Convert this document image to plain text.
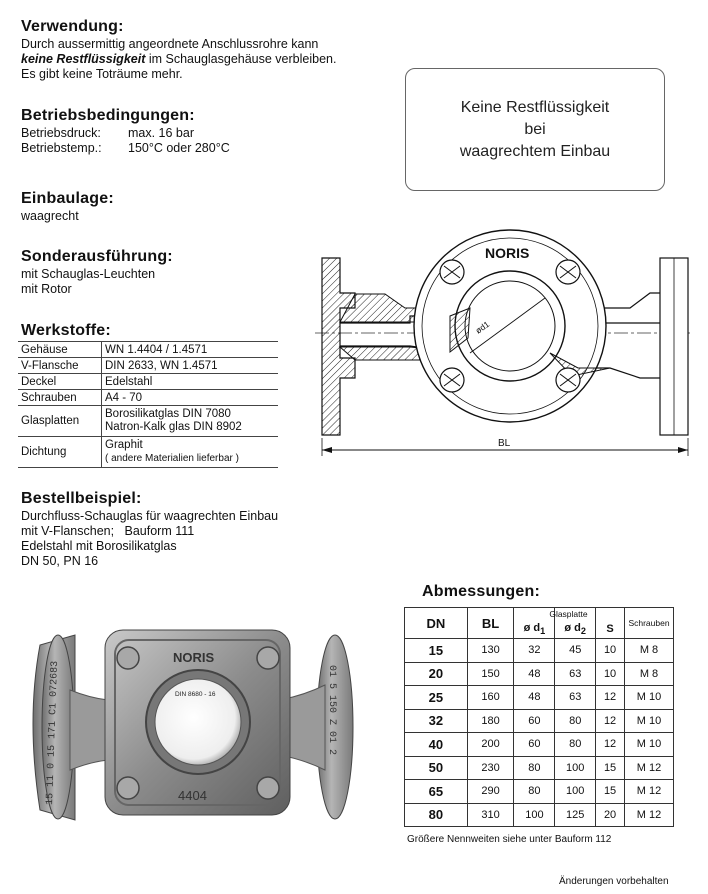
Verwendung:
Durch aussermittig angeordnete Anschlussrohre kann
keine Restflüssigkeit im Schauglasgehäuse verbleiben.
Es gibt keine Toträume mehr.
Keine Restflüssigkeit
bei
waagrechtem Einbau
Betriebsbedingungen:
Betriebsdruck: max. 16 bar
Betriebstemp.: 150°C oder 280°C
Einbaulage:
waagrecht
Sonderausführung:
mit Schauglas-Leuchten
mit Rotor
Werkstoffe:
Gehäuse	WN 1.4404 / 1.4571
V-Flansche	DIN 2633, WN 1.4571
Deckel	Edelstahl
Schrauben	A4 - 70
Glasplatten	Borosilikatglas DIN 7080
Natron-Kalk glas DIN 8902

Dichtung	Graphit
( andere Materialien lieferbar )
NORIS
ød1
BL
Bestellbeispiel:
Durchfluss-Schauglas für waagrechten Einbau
mit V-Flanschen;   Bauform 111
Edelstahl mit Borosilikatglas
DN 50, PN 16
NORIS
DIN 8680 - 16
4404
15 11 0 15 171 C1 072683	01 5 150 Z 01 2
Abmessungen:
DN	BL	Glasplatte
ø $d_1$	ø $d_2$	S	Schrauben
15	130	32	45	10	M 8
20	150	48	63	10	M 8
25	160	48	63	12	M 10
32	180	60	80	12	M 10
40	200	60	80	12	M 10
50	230	80	100	15	M 12
65	290	80	100	15	M 12
80	310	100	125	20	M 12
Größere Nennweiten siehe unter Bauform 112
Änderungen vorbehalten
